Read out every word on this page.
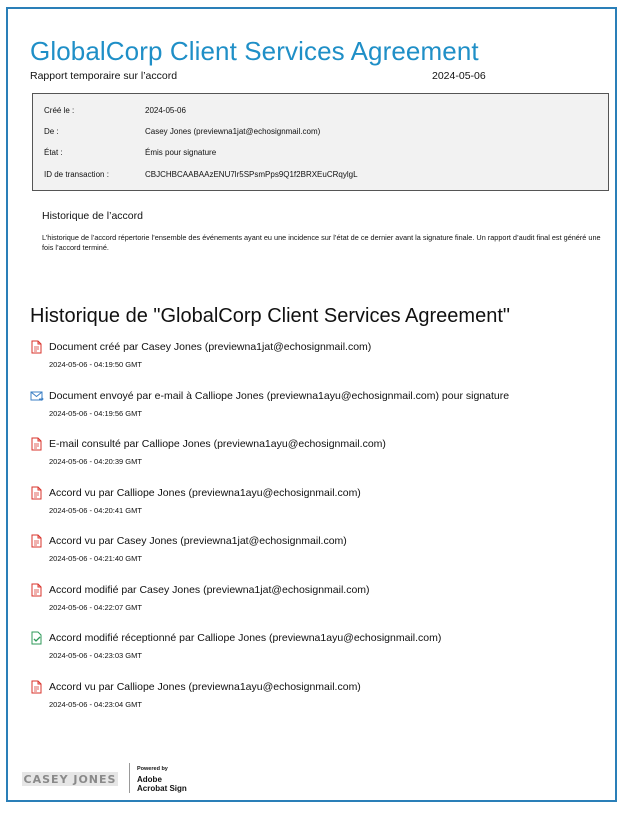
GlobalCorp Client Services Agreement
Rapport temporaire sur l’accord	2024-05-06
Créé le :	2024-05-06
De :	Casey Jones (previewna1jat@echosignmail.com)
État :	Émis pour signature
ID de transaction :	CBJCHBCAABAAzENU7lr5SPsmPps9Q1f2BRXEuCRqylgL
Historique de l’accord
L’historique de l’accord répertorie l’ensemble des événements ayant eu une incidence sur l’état de ce dernier avant la signature finale. Un rapport d’audit final est généré une fois l’accord terminé.
Historique de "GlobalCorp Client Services Agreement"
Document créé par Casey Jones (previewna1jat@echosignmail.com)
2024-05-06 - 04:19:50 GMT
Document envoyé par e-mail à Calliope Jones (previewna1ayu@echosignmail.com) pour signature
2024-05-06 - 04:19:56 GMT
E-mail consulté par Calliope Jones (previewna1ayu@echosignmail.com)
2024-05-06 - 04:20:39 GMT
Accord vu par Calliope Jones (previewna1ayu@echosignmail.com)
2024-05-06 - 04:20:41 GMT
Accord vu par Casey Jones (previewna1jat@echosignmail.com)
2024-05-06 - 04:21:40 GMT
Accord modifié par Casey Jones (previewna1jat@echosignmail.com)
2024-05-06 - 04:22:07 GMT
Accord modifié réceptionné par Calliope Jones (previewna1ayu@echosignmail.com)
2024-05-06 - 04:23:03 GMT
Accord vu par Calliope Jones (previewna1ayu@echosignmail.com)
2024-05-06 - 04:23:04 GMT
CASEY JONES
Powered by
Adobe
Acrobat Sign
